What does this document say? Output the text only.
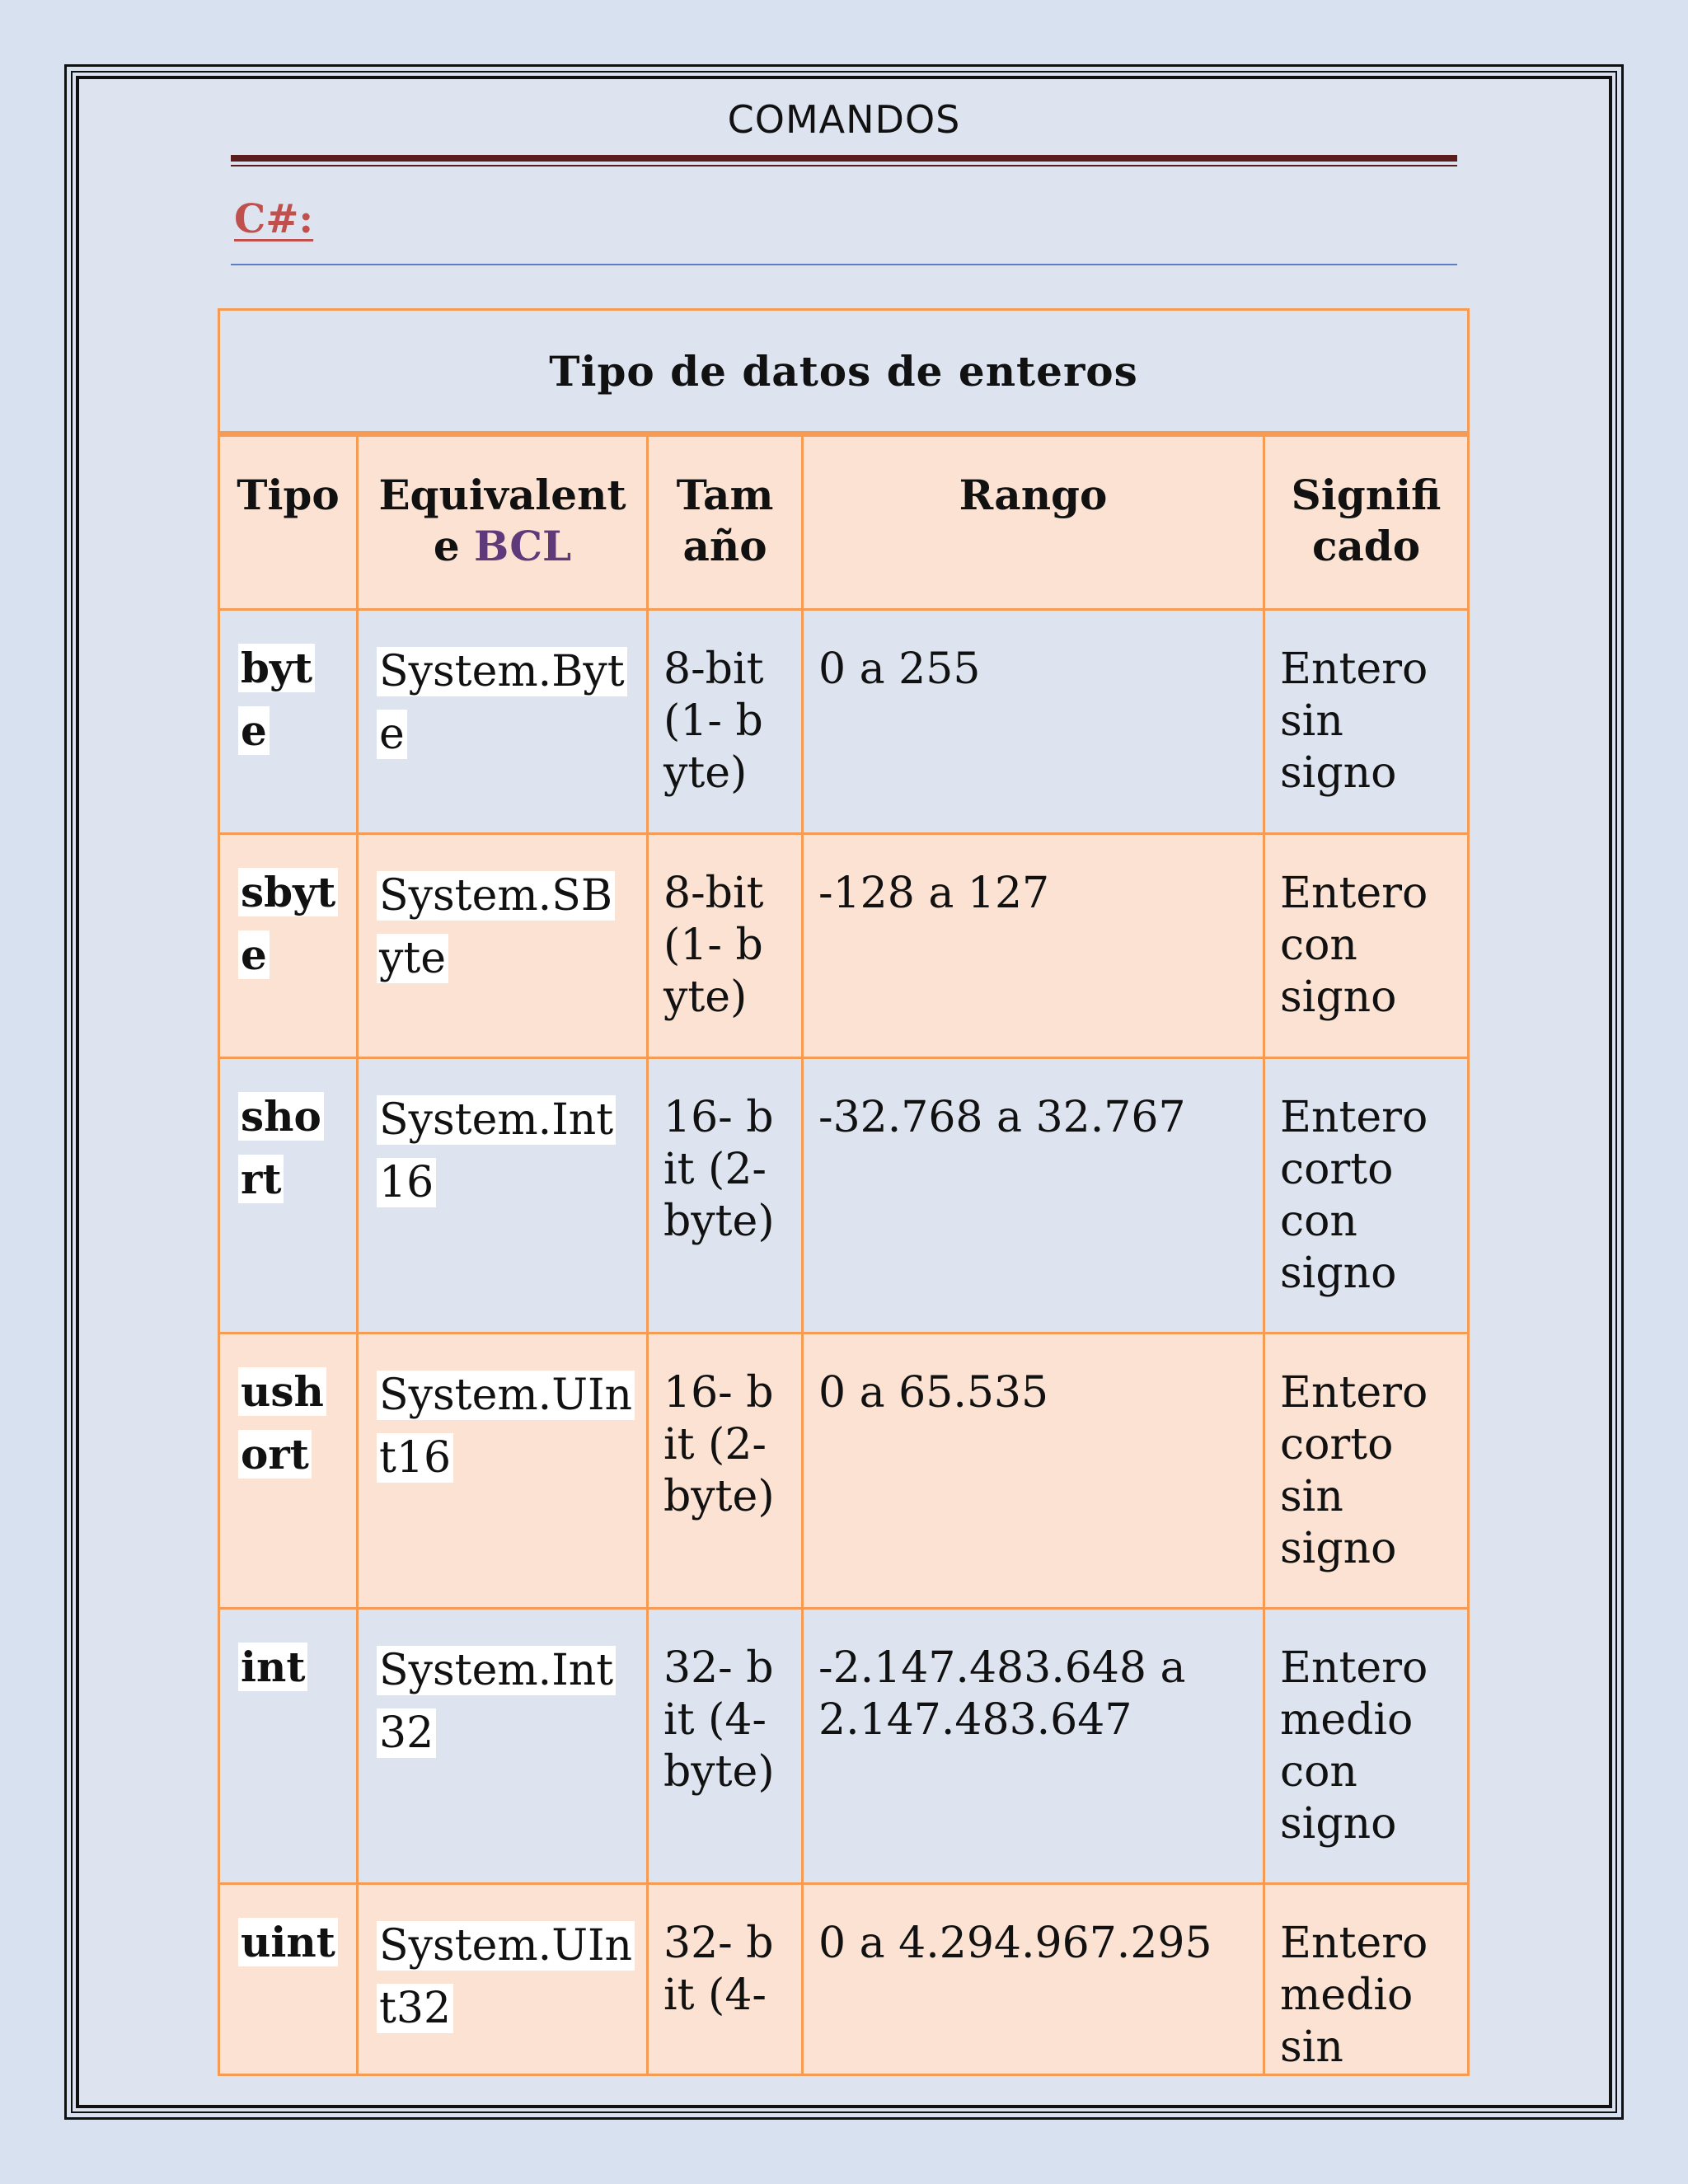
COMANDOS
C#:
Tipo de datos de enteros				
Tipo	Equivalent e BCL	Tam año	Rango	Signifi cado
byt e	System.Byt e	8-bit (1- byte)	0 a 255	Entero sin signo
sbyt e	System.SB yte	8-bit (1- byte)	-128 a 127	Entero con signo
sho rt	System.Int 16	16- bit (2- byte)	-32.768 a 32.767	Entero corto con signo
ush ort	System.UIn t16	16- bit (2- byte)	0 a 65.535	Entero corto sin signo
int	System.Int 32	32- bit (4- byte)	-2.147.483.648 a 2.147.483.647	Entero medio con signo
uint	System.UIn t32	32- bit (4-	0 a 4.294.967.295	Entero medio sin
